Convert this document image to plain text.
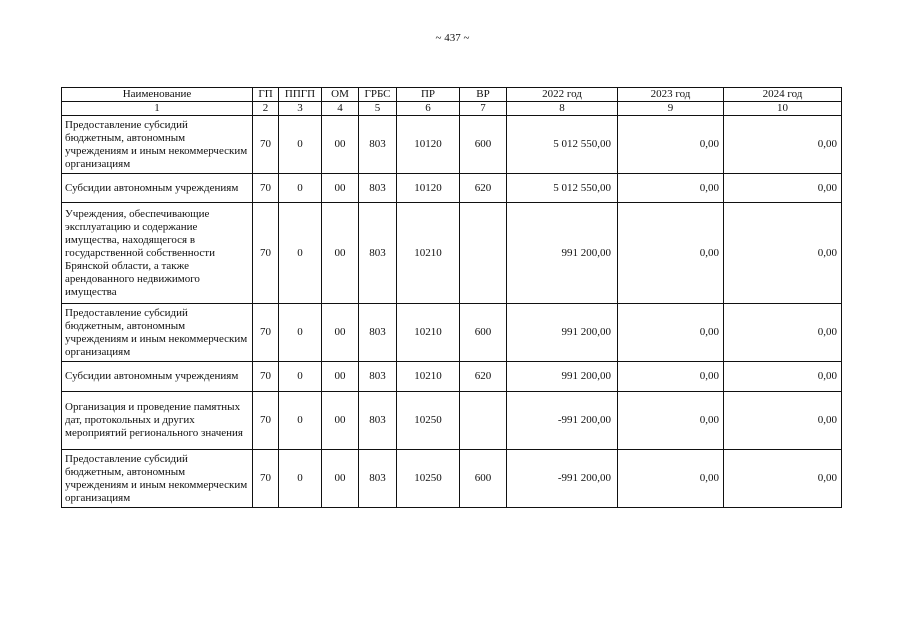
~ 437 ~
Наименование	ГП	ППГП	ОМ	ГРБС	ПР	ВР	2022 год	2023 год	2024 год
1	2	3	4	5	6	7	8	9	10
Предоставление субсидий бюджетным, автономным учреждениям и иным некоммерческим организациям	70	0	00	803	10120	600	5 012 550,00	0,00	0,00
Субсидии автономным учреждениям	70	0	00	803	10120	620	5 012 550,00	0,00	0,00
Учреждения, обеспечивающие эксплуатацию и содержание имущества, находящегося в государственной собственности Брянской области, а также арендованного недвижимого имущества	70	0	00	803	10210		991 200,00	0,00	0,00
Предоставление субсидий бюджетным, автономным учреждениям и иным некоммерческим организациям	70	0	00	803	10210	600	991 200,00	0,00	0,00
Субсидии автономным учреждениям	70	0	00	803	10210	620	991 200,00	0,00	0,00
Организация и проведение памятных дат, протокольных и других мероприятий регионального значения	70	0	00	803	10250		-991 200,00	0,00	0,00
Предоставление субсидий бюджетным, автономным учреждениям и иным некоммерческим организациям	70	0	00	803	10250	600	-991 200,00	0,00	0,00
